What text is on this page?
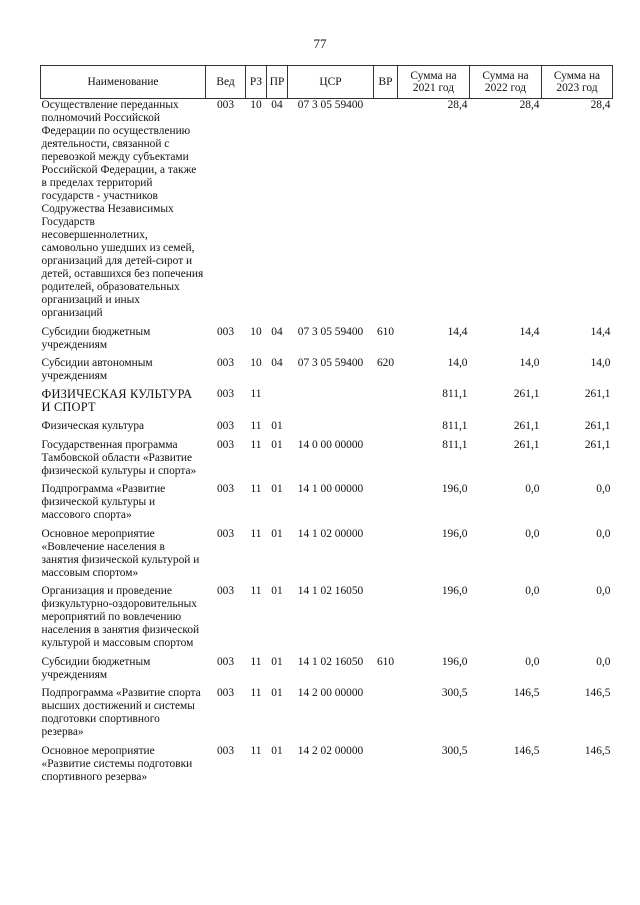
77
Наименование	Вед	РЗ	ПР	ЦСР	ВР	Сумма на 2021 год	Сумма на 2022 год	Сумма на 2023 год
Осуществление переданных полномочий Российской Федерации по осуществлению деятельности, связанной с перевозкой между субъектами Российской Федерации, а также в пределах территорий государств - участников Содружества Независимых Государств несовершеннолетних, самовольно ушедших из семей, организаций для детей-сирот и детей, оставшихся без попечения родителей, образовательных организаций и иных организаций	003	10	04	07 3 05 59400		28,4	28,4	28,4
Субсидии бюджетным учреждениям	003	10	04	07 3 05 59400	610	14,4	14,4	14,4
Субсидии автономным учреждениям	003	10	04	07 3 05 59400	620	14,0	14,0	14,0
ФИЗИЧЕСКАЯ КУЛЬТУРА И СПОРТ	003	11				811,1	261,1	261,1
Физическая культура	003	11	01			811,1	261,1	261,1
Государственная программа Тамбовской области «Развитие физической культуры и спорта»	003	11	01	14 0 00 00000		811,1	261,1	261,1
Подпрограмма «Развитие физической культуры и массового спорта»	003	11	01	14 1 00 00000		196,0	0,0	0,0
Основное мероприятие «Вовлечение населения в занятия физической культурой и массовым спортом»	003	11	01	14 1 02 00000		196,0	0,0	0,0
Организация и проведение физкультурно-оздоровительных мероприятий по вовлечению населения в занятия физической культурой и массовым спортом	003	11	01	14 1 02 16050		196,0	0,0	0,0
Субсидии бюджетным учреждениям	003	11	01	14 1 02 16050	610	196,0	0,0	0,0
Подпрограмма «Развитие спорта высших достижений и системы подготовки спортивного резерва»	003	11	01	14 2 00 00000		300,5	146,5	146,5
Основное мероприятие «Развитие системы подготовки спортивного резерва»	003	11	01	14 2 02 00000		300,5	146,5	146,5
